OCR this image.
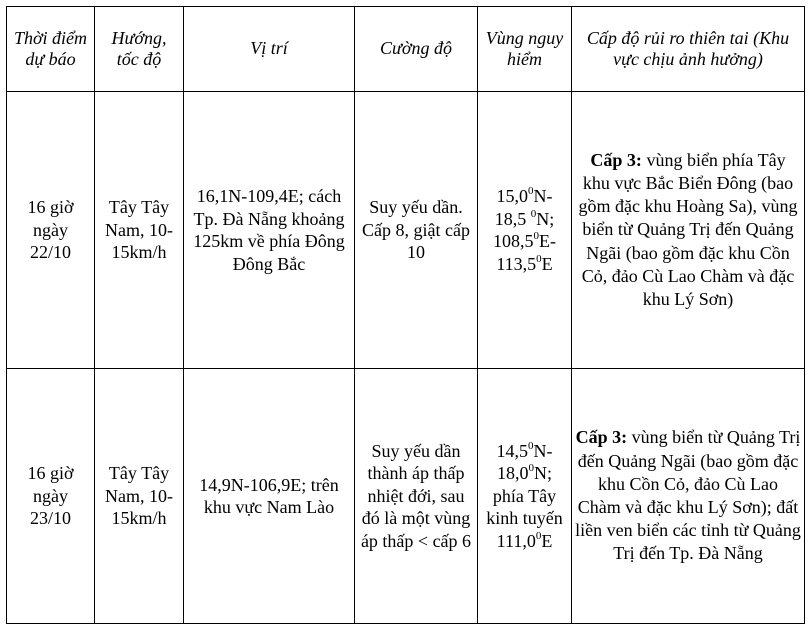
Thời điểm dự báo	Hướng, tốc độ	Vị trí	Cường độ	Vùng nguy hiểm	Cấp độ rủi ro thiên tai (Khu vực chịu ảnh hưởng)
16 giờ ngày 22/10	Tây Tây Nam, 10-15km/h	16,1N-109,4E; cách Tp. Đà Nẵng khoảng 125km về phía Đông Đông Bắc	Suy yếu dần. Cấp 8, giật cấp 10	15,0$^0$N-
18,5 $^0$N;
108,5$^0$E-
113,5$^0$E	Cấp 3: vùng biển phía Tây khu vực Bắc Biển Đông (bao gồm đặc khu Hoàng Sa), vùng biển từ Quảng Trị đến Quảng Ngãi (bao gồm đặc khu Cồn Cỏ, đảo Cù Lao Chàm và đặc khu Lý Sơn)
16 giờ ngày 23/10	Tây Tây Nam, 10-15km/h	14,9N-106,9E; trên khu vực Nam Lào	Suy yếu dần thành áp thấp nhiệt đới, sau đó là một vùng áp thấp < cấp 6	14,5$^0$N-
18,0$^0$N;
phía Tây kinh tuyến
111,0$^0$E	Cấp 3: vùng biển từ Quảng Trị đến Quảng Ngãi (bao gồm đặc khu Cồn Cỏ, đảo Cù Lao Chàm và đặc khu Lý Sơn); đất liền ven biển các tỉnh từ Quảng Trị đến Tp. Đà Nẵng
